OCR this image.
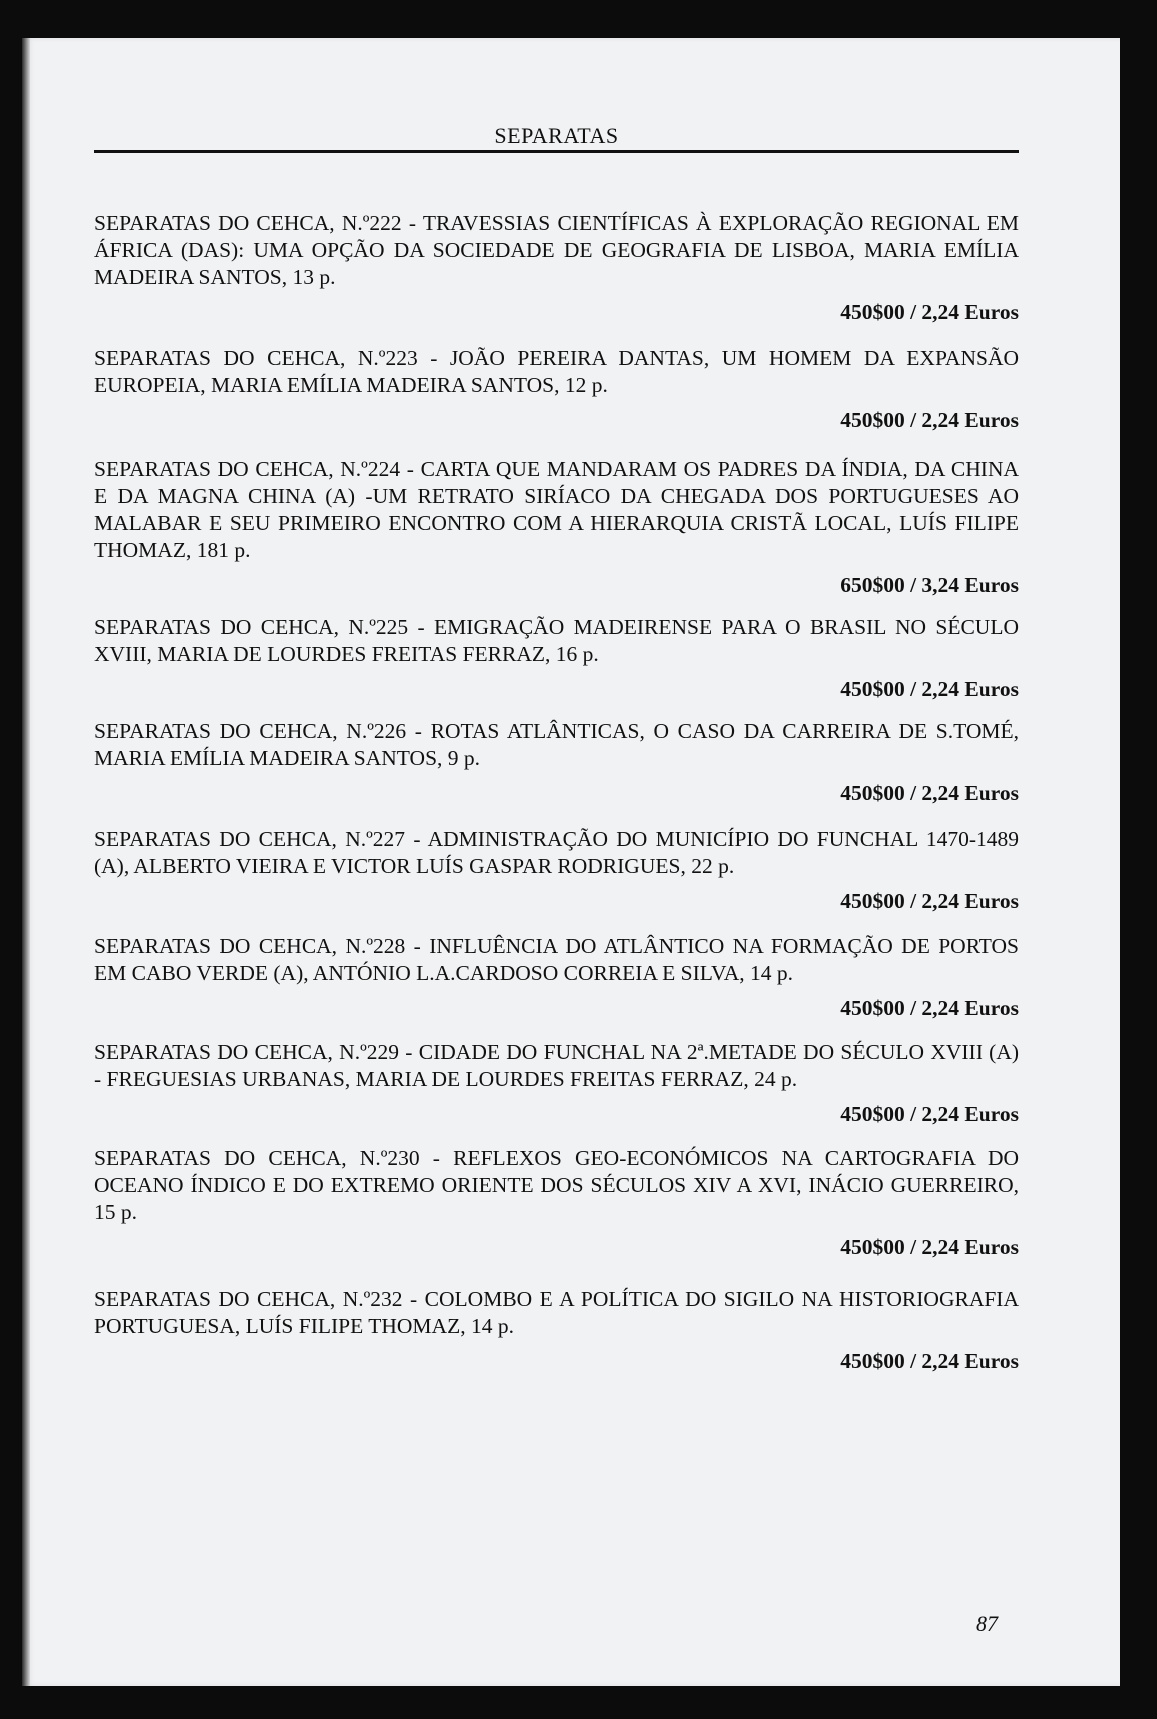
SEPARATAS

SEPARATAS DO CEHCA, N.º222 - TRAVESSIAS CIENTÍFICAS À EXPLORAÇÃO REGIONAL EM ÁFRICA (DAS): UMA OPÇÃO DA SOCIEDADE DE GEOGRAFIA DE LISBOA, MARIA EMÍLIA MADEIRA SANTOS, 13 p.

450$00 / 2,24 Euros

SEPARATAS DO CEHCA, N.º223 - JOÃO PEREIRA DANTAS, UM HOMEM DA EXPANSÃO EUROPEIA, MARIA EMÍLIA MADEIRA SANTOS, 12 p.

450$00 / 2,24 Euros

SEPARATAS DO CEHCA, N.º224 - CARTA QUE MANDARAM OS PADRES DA ÍNDIA, DA CHINA E DA MAGNA CHINA (A) -UM RETRATO SIRÍACO DA CHEGADA DOS PORTUGUESES AO MALABAR E SEU PRIMEIRO ENCONTRO COM A HIERARQUIA CRISTÃ LOCAL, LUÍS FILIPE THOMAZ, 181 p.

650$00 / 3,24 Euros

SEPARATAS DO CEHCA, N.º225 - EMIGRAÇÃO MADEIRENSE PARA O BRASIL NO SÉCULO XVIII, MARIA DE LOURDES FREITAS FERRAZ, 16 p.

450$00 / 2,24 Euros

SEPARATAS DO CEHCA, N.º226 - ROTAS ATLÂNTICAS, O CASO DA CARREIRA DE S.TOMÉ, MARIA EMÍLIA MADEIRA SANTOS, 9 p.

450$00 / 2,24 Euros

SEPARATAS DO CEHCA, N.º227 - ADMINISTRAÇÃO DO MUNICÍPIO DO FUNCHAL 1470-1489 (A), ALBERTO VIEIRA E VICTOR LUÍS GASPAR RODRIGUES, 22 p.

450$00 / 2,24 Euros

SEPARATAS DO CEHCA, N.º228 - INFLUÊNCIA DO ATLÂNTICO NA FORMAÇÃO DE PORTOS EM CABO VERDE (A), ANTÓNIO L.A.CARDOSO CORREIA E SILVA, 14 p.

450$00 / 2,24 Euros

SEPARATAS DO CEHCA, N.º229 - CIDADE DO FUNCHAL NA 2ª.METADE DO SÉCULO XVIII (A) - FREGUESIAS URBANAS, MARIA DE LOURDES FREITAS FERRAZ, 24 p.

450$00 / 2,24 Euros

SEPARATAS DO CEHCA, N.º230 - REFLEXOS GEO-ECONÓMICOS NA CARTOGRAFIA DO OCEANO ÍNDICO E DO EXTREMO ORIENTE DOS SÉCULOS XIV A XVI, INÁCIO GUERREIRO, 15 p.

450$00 / 2,24 Euros

SEPARATAS DO CEHCA, N.º232 - COLOMBO E A POLÍTICA DO SIGILO NA HISTORIOGRAFIA PORTUGUESA, LUÍS FILIPE THOMAZ, 14 p.

450$00 / 2,24 Euros

87
